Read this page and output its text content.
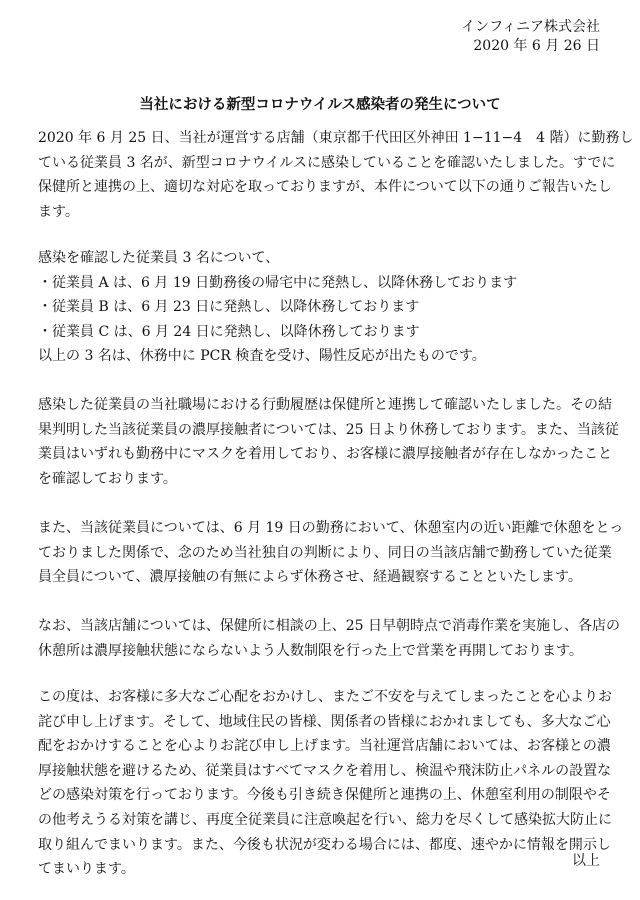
インフィニア株式会社
2020 年 6 月 26 日
当社における新型コロナウイルス感染者の発生について
2020 年 6 月 25 日、当社が運営する店舗（東京都千代田区外神田 1−11−4　4 階）に勤務し
ている従業員 3 名が、新型コロナウイルスに感染していることを確認いたしました。すでに
保健所と連携の上、適切な対応を取っておりますが、本件について以下の通りご報告いたし
ます。
感染を確認した従業員 3 名について、
・従業員 A は、6 月 19 日勤務後の帰宅中に発熱し、以降休務しております
・従業員 B は、6 月 23 日に発熱し、以降休務しております
・従業員 C は、6 月 24 日に発熱し、以降休務しております
以上の 3 名は、休務中に PCR 検査を受け、陽性反応が出たものです。
感染した従業員の当社職場における行動履歴は保健所と連携して確認いたしました。その結
果判明した当該従業員の濃厚接触者については、25 日より休務しております。また、当該従
業員はいずれも勤務中にマスクを着用しており、お客様に濃厚接触者が存在しなかったこと
を確認しております。
また、当該従業員については、6 月 19 日の勤務において、休憩室内の近い距離で休憩をとっ
ておりました関係で、念のため当社独自の判断により、同日の当該店舗で勤務していた従業
員全員について、濃厚接触の有無によらず休務させ、経過観察することといたします。
なお、当該店舗については、保健所に相談の上、25 日早朝時点で消毒作業を実施し、各店の
休憩所は濃厚接触状態にならないよう人数制限を行った上で営業を再開しております。
この度は、お客様に多大なご心配をおかけし、またご不安を与えてしまったことを心よりお
詫び申し上げます。そして、地域住民の皆様、関係者の皆様におかれましても、多大なご心
配をおかけすることを心よりお詫び申し上げます。当社運営店舗においては、お客様との濃
厚接触状態を避けるため、従業員はすべてマスクを着用し、検温や飛沫防止パネルの設置な
どの感染対策を行っております。今後も引き続き保健所と連携の上、休憩室利用の制限やそ
の他考えうる対策を講じ、再度全従業員に注意喚起を行い、総力を尽くして感染拡大防止に
取り組んでまいります。また、今後も状況が変わる場合には、都度、速やかに情報を開示し
てまいります。
以上
